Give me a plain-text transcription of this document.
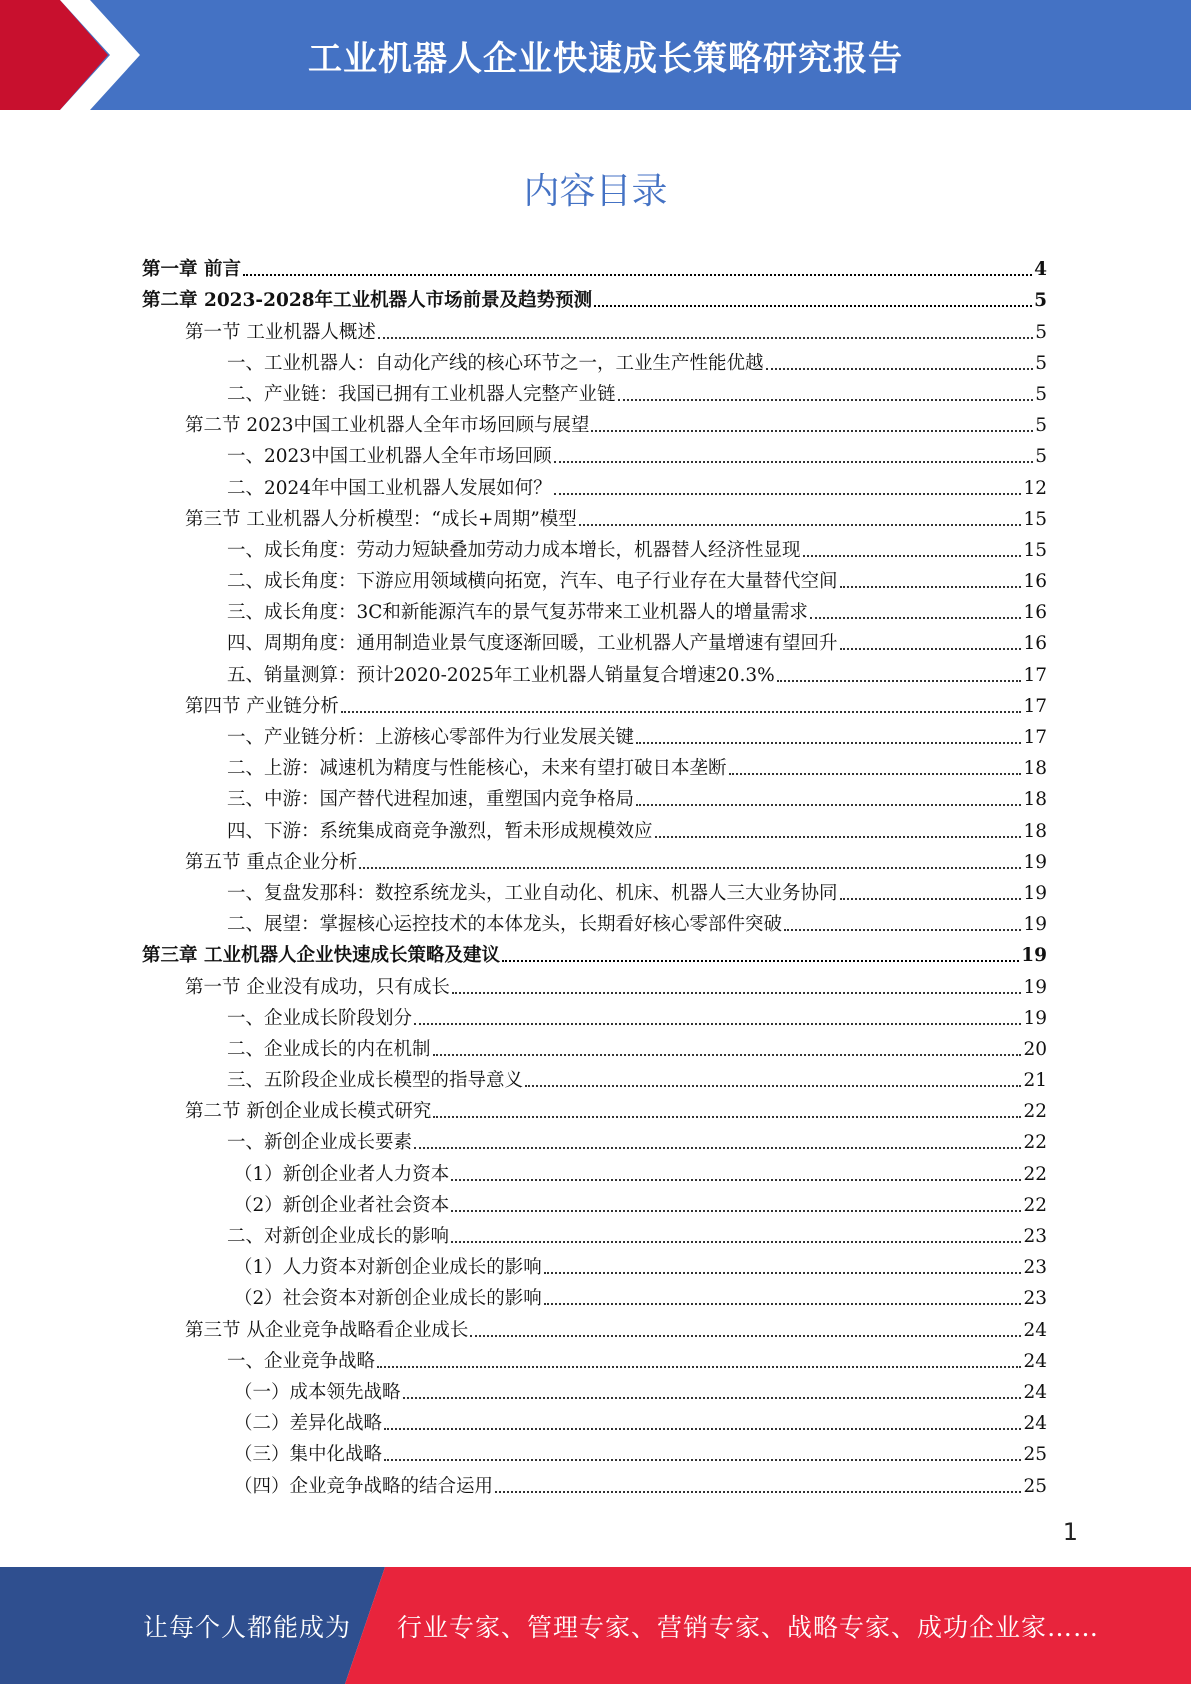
工业机器人企业快速成长策略研究报告
内容目录
第一章 前言	4
第二章 2023-2028年工业机器人市场前景及趋势预测	5
第一节 工业机器人概述	5
一、工业机器人：自动化产线的核心环节之一，工业生产性能优越	5
二、产业链：我国已拥有工业机器人完整产业链	5
第二节 2023中国工业机器人全年市场回顾与展望	5
一、2023中国工业机器人全年市场回顾	5
二、2024年中国工业机器人发展如何？	12
第三节 工业机器人分析模型：“成长+周期”模型	15
一、成长角度：劳动力短缺叠加劳动力成本增长，机器替人经济性显现	15
二、成长角度：下游应用领域横向拓宽，汽车、电子行业存在大量替代空间	16
三、成长角度：3C和新能源汽车的景气复苏带来工业机器人的增量需求	16
四、周期角度：通用制造业景气度逐渐回暖，工业机器人产量增速有望回升	16
五、销量测算：预计2020-2025年工业机器人销量复合增速20.3%	17
第四节 产业链分析	17
一、产业链分析：上游核心零部件为行业发展关键	17
二、上游：减速机为精度与性能核心，未来有望打破日本垄断	18
三、中游：国产替代进程加速，重塑国内竞争格局	18
四、下游：系统集成商竞争激烈，暂未形成规模效应	18
第五节 重点企业分析	19
一、复盘发那科：数控系统龙头，工业自动化、机床、机器人三大业务协同	19
二、展望：掌握核心运控技术的本体龙头，长期看好核心零部件突破	19
第三章 工业机器人企业快速成长策略及建议	19
第一节 企业没有成功，只有成长	19
一、企业成长阶段划分	19
二、企业成长的内在机制	20
三、五阶段企业成长模型的指导意义	21
第二节 新创企业成长模式研究	22
一、新创企业成长要素	22
（1）新创企业者人力资本	22
（2）新创企业者社会资本	22
二、对新创企业成长的影响	23
（1）人力资本对新创企业成长的影响	23
（2）社会资本对新创企业成长的影响	23
第三节 从企业竞争战略看企业成长	24
一、企业竞争战略	24
（一）成本领先战略	24
（二）差异化战略	24
（三）集中化战略	25
（四）企业竞争战略的结合运用	25
1
让每个人都能成为 行业专家、管理专家、营销专家、战略专家、成功企业家……
